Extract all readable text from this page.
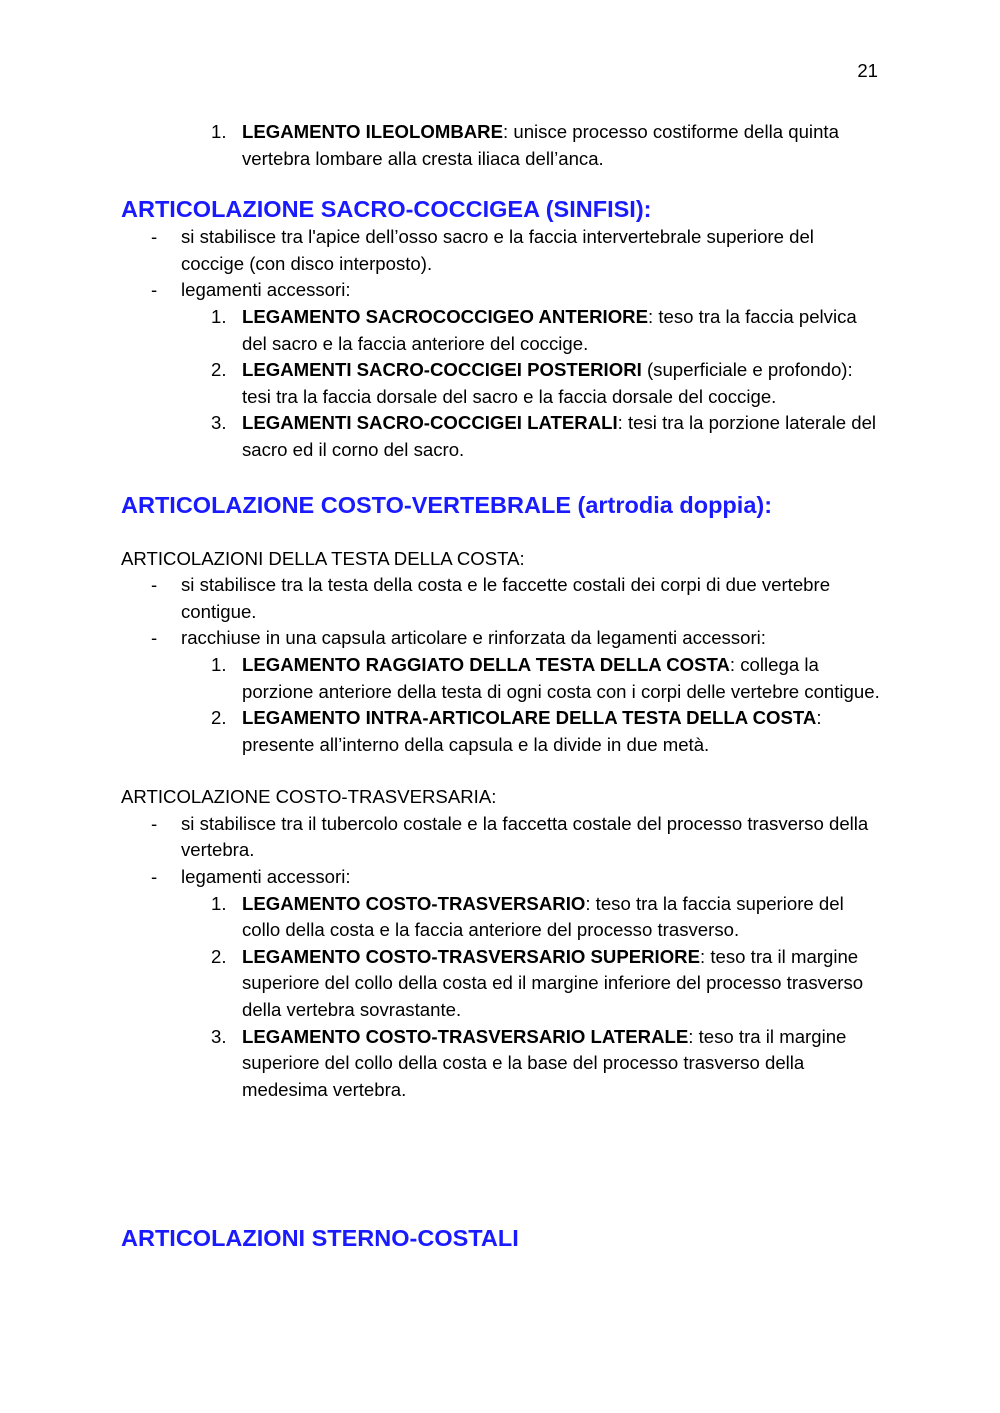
21
1. LEGAMENTO ILEOLOMBARE: unisce processo costiforme della quinta vertebra lombare alla cresta iliaca dell’anca.
ARTICOLAZIONE SACRO-COCCIGEA (SINFISI):
- si stabilisce tra l'apice dell’osso sacro e la faccia intervertebrale superiore del coccige (con disco interposto).
- legamenti accessori:
1. LEGAMENTO SACROCOCCIGEO ANTERIORE: teso tra la faccia pelvica del sacro e la faccia anteriore del coccige.
2. LEGAMENTI SACRO-COCCIGEI POSTERIORI (superficiale e profondo): tesi tra la faccia dorsale del sacro e la faccia dorsale del coccige.
3. LEGAMENTI SACRO-COCCIGEI LATERALI: tesi tra la porzione laterale del sacro ed il corno del sacro.
ARTICOLAZIONE COSTO-VERTEBRALE (artrodia doppia):

ARTICOLAZIONI DELLA TESTA DELLA COSTA:

- si stabilisce tra la testa della costa e le faccette costali dei corpi di due vertebre contigue.
- racchiuse in una capsula articolare e rinforzata da legamenti accessori:
1. LEGAMENTO RAGGIATO DELLA TESTA DELLA COSTA: collega la porzione anteriore della testa di ogni costa con i corpi delle vertebre contigue.
2. LEGAMENTO INTRA-ARTICOLARE DELLA TESTA DELLA COSTA: presente all’interno della capsula e la divide in due metà.

ARTICOLAZIONE COSTO-TRASVERSARIA:

- si stabilisce tra il tubercolo costale e la faccetta costale del processo trasverso della vertebra.
- legamenti accessori:
1. LEGAMENTO COSTO-TRASVERSARIO: teso tra la faccia superiore del collo della costa e la faccia anteriore del processo trasverso.
2. LEGAMENTO COSTO-TRASVERSARIO SUPERIORE: teso tra il margine superiore del collo della costa ed il margine inferiore del processo trasverso della vertebra sovrastante.
3. LEGAMENTO COSTO-TRASVERSARIO LATERALE: teso tra il margine superiore del collo della costa e la base del processo trasverso della medesima vertebra.
ARTICOLAZIONI STERNO-COSTALI
